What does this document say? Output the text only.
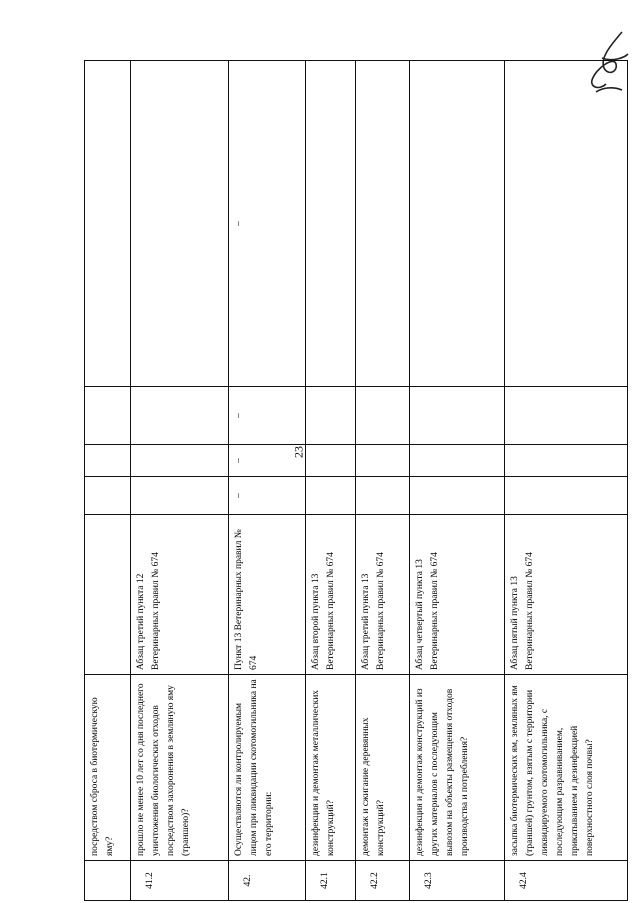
23
	посредством сброса в биотермическую яму?					
41.2	прошло не менее 10 лет со дня последнего уничтожения биологических отходов посредством захоронения в земляную яму (траншею)?	Абзац третий пункта 12 Ветеринарных правил № 674				
42.	Осуществляются ли контролируемым лицом при ликвидации скотомогильника на его территории:	Пункт 13 Ветеринарных правил № 674	–	–	–	–
42.1	дезинфекция и демонтаж металлических конструкций?	Абзац второй пункта 13 Ветеринарных правил № 674				
42.2	демонтаж и сжигание деревянных конструкций?	Абзац третий пункта 13 Ветеринарных правил № 674				
42.3	дезинфекция и демонтаж конструкций из других материалов с последующим вывозом на объекты размещения отходов производства и потребления?	Абзац четвертый пункта 13 Ветеринарных правил № 674				
42.4	засыпка биотермических ям, земляных ям (траншей) грунтом, взятым с территории ликвидируемого скотомогильника, с последующим разравниванием, прикатыванием и дезинфекцией поверхностного слоя почвы?	Абзац пятый пункта 13 Ветеринарных правил № 674				
